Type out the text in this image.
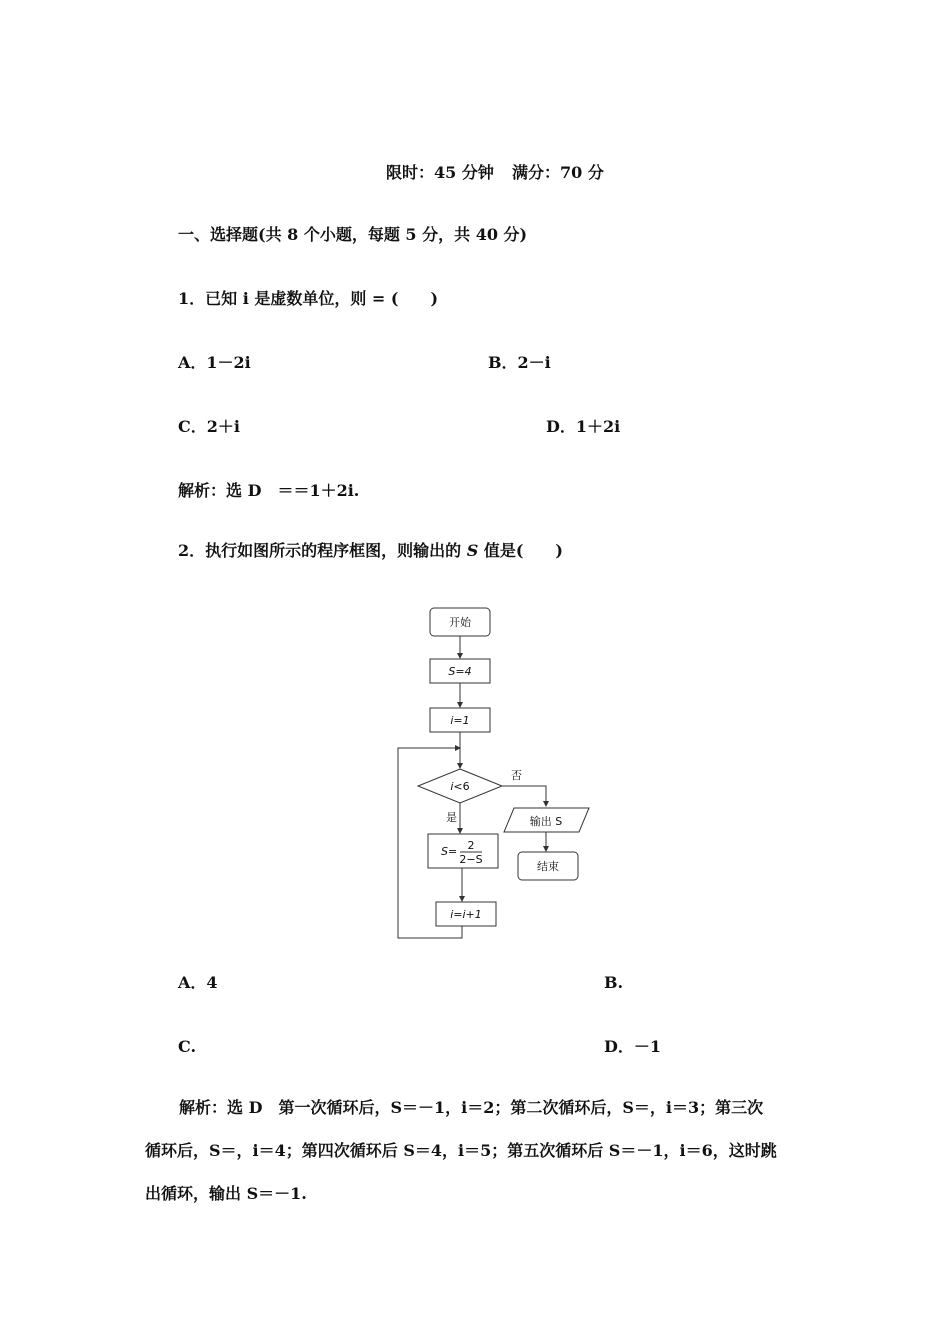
限时：45 分钟 满分：70 分
一、选择题(共 8 个小题，每题 5 分，共 40 分)
1．已知 i 是虚数单位，则 = (　　)
A．1－2i	B．2－i
C．2＋i	D．1＋2i
解析：选 D　＝＝1＋2i.
2．执行如图所示的程序框图，则输出的 S 值是(　　)
开始
S=4
i=1
i<6
否
输出 S
结束
是
S= 2
2−S
i=i+1
A．4	B.
C.	D．－1
解析：选 D　第一次循环后，S＝－1，i＝2；第二次循环后，S＝，i＝3；第三次
循环后，S＝，i＝4；第四次循环后 S＝4，i＝5；第五次循环后 S＝－1，i＝6，这时跳
出循环，输出 S＝－1.
